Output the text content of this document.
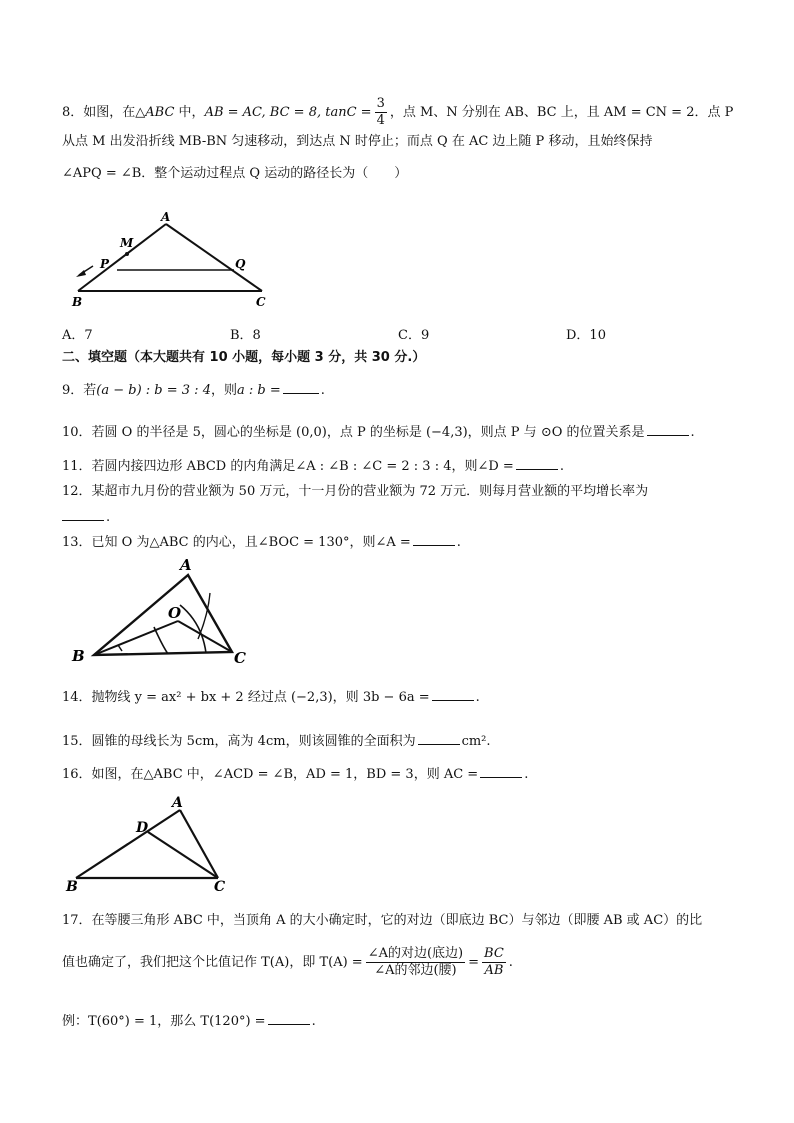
8．如图，在△ABC 中，AB = AC, BC = 8, $\tan C = \frac{3}{4}$ ，点 M、N 分别在 AB、BC 上，且 AM = CN = 2．点 P
从点 M 出发沿折线 MB-BN 匀速移动，到达点 N 时停止；而点 Q 在 AC 边上随 P 移动，且始终保持
∠APQ = ∠B．整个运动过程点 Q 运动的路径长为（　　）
A
M
P	Q
B	C
A．7	B．8	C．9	D．10
二、填空题（本大题共有 10 小题，每小题 3 分，共 30 分.）
9．若(a − b) : b = 3 : 4，则a : b =	.
10．若圆 O 的半径是 5，圆心的坐标是 (0,0)，点 P 的坐标是 (−4,3)，则点 P 与 ⊙O 的位置关系是	.
11．若圆内接四边形 ABCD 的内角满足∠A : ∠B : ∠C = 2 : 3 : 4，则∠D =	.
12．某超市九月份的营业额为 50 万元，十一月份的营业额为 72 万元．则每月营业额的平均增长率为
.
13．已知 O 为△ABC 的内心，且∠BOC = 130°，则∠A =	.
A
O
B	C
14．抛物线 y = ax² + bx + 2 经过点 (−2,3)，则 3b − 6a =	.
15．圆锥的母线长为 5cm，高为 4cm，则该圆锥的全面积为	cm².
16．如图，在△ABC 中，∠ACD = ∠B，AD = 1，BD = 3，则 AC =	.
A
D
B	C
17．在等腰三角形 ABC 中，当顶角 A 的大小确定时，它的对边（即底边 BC）与邻边（即腰 AB 或 AC）的比
值也确定了，我们把这个比值记作 T(A)，即 $T(A) = \frac{\text{∠A的对边(底边)}}{\text{∠A的邻边(腰)}} = \frac{BC}{AB}$ .
例：T(60°) = 1，那么 T(120°) =	.
